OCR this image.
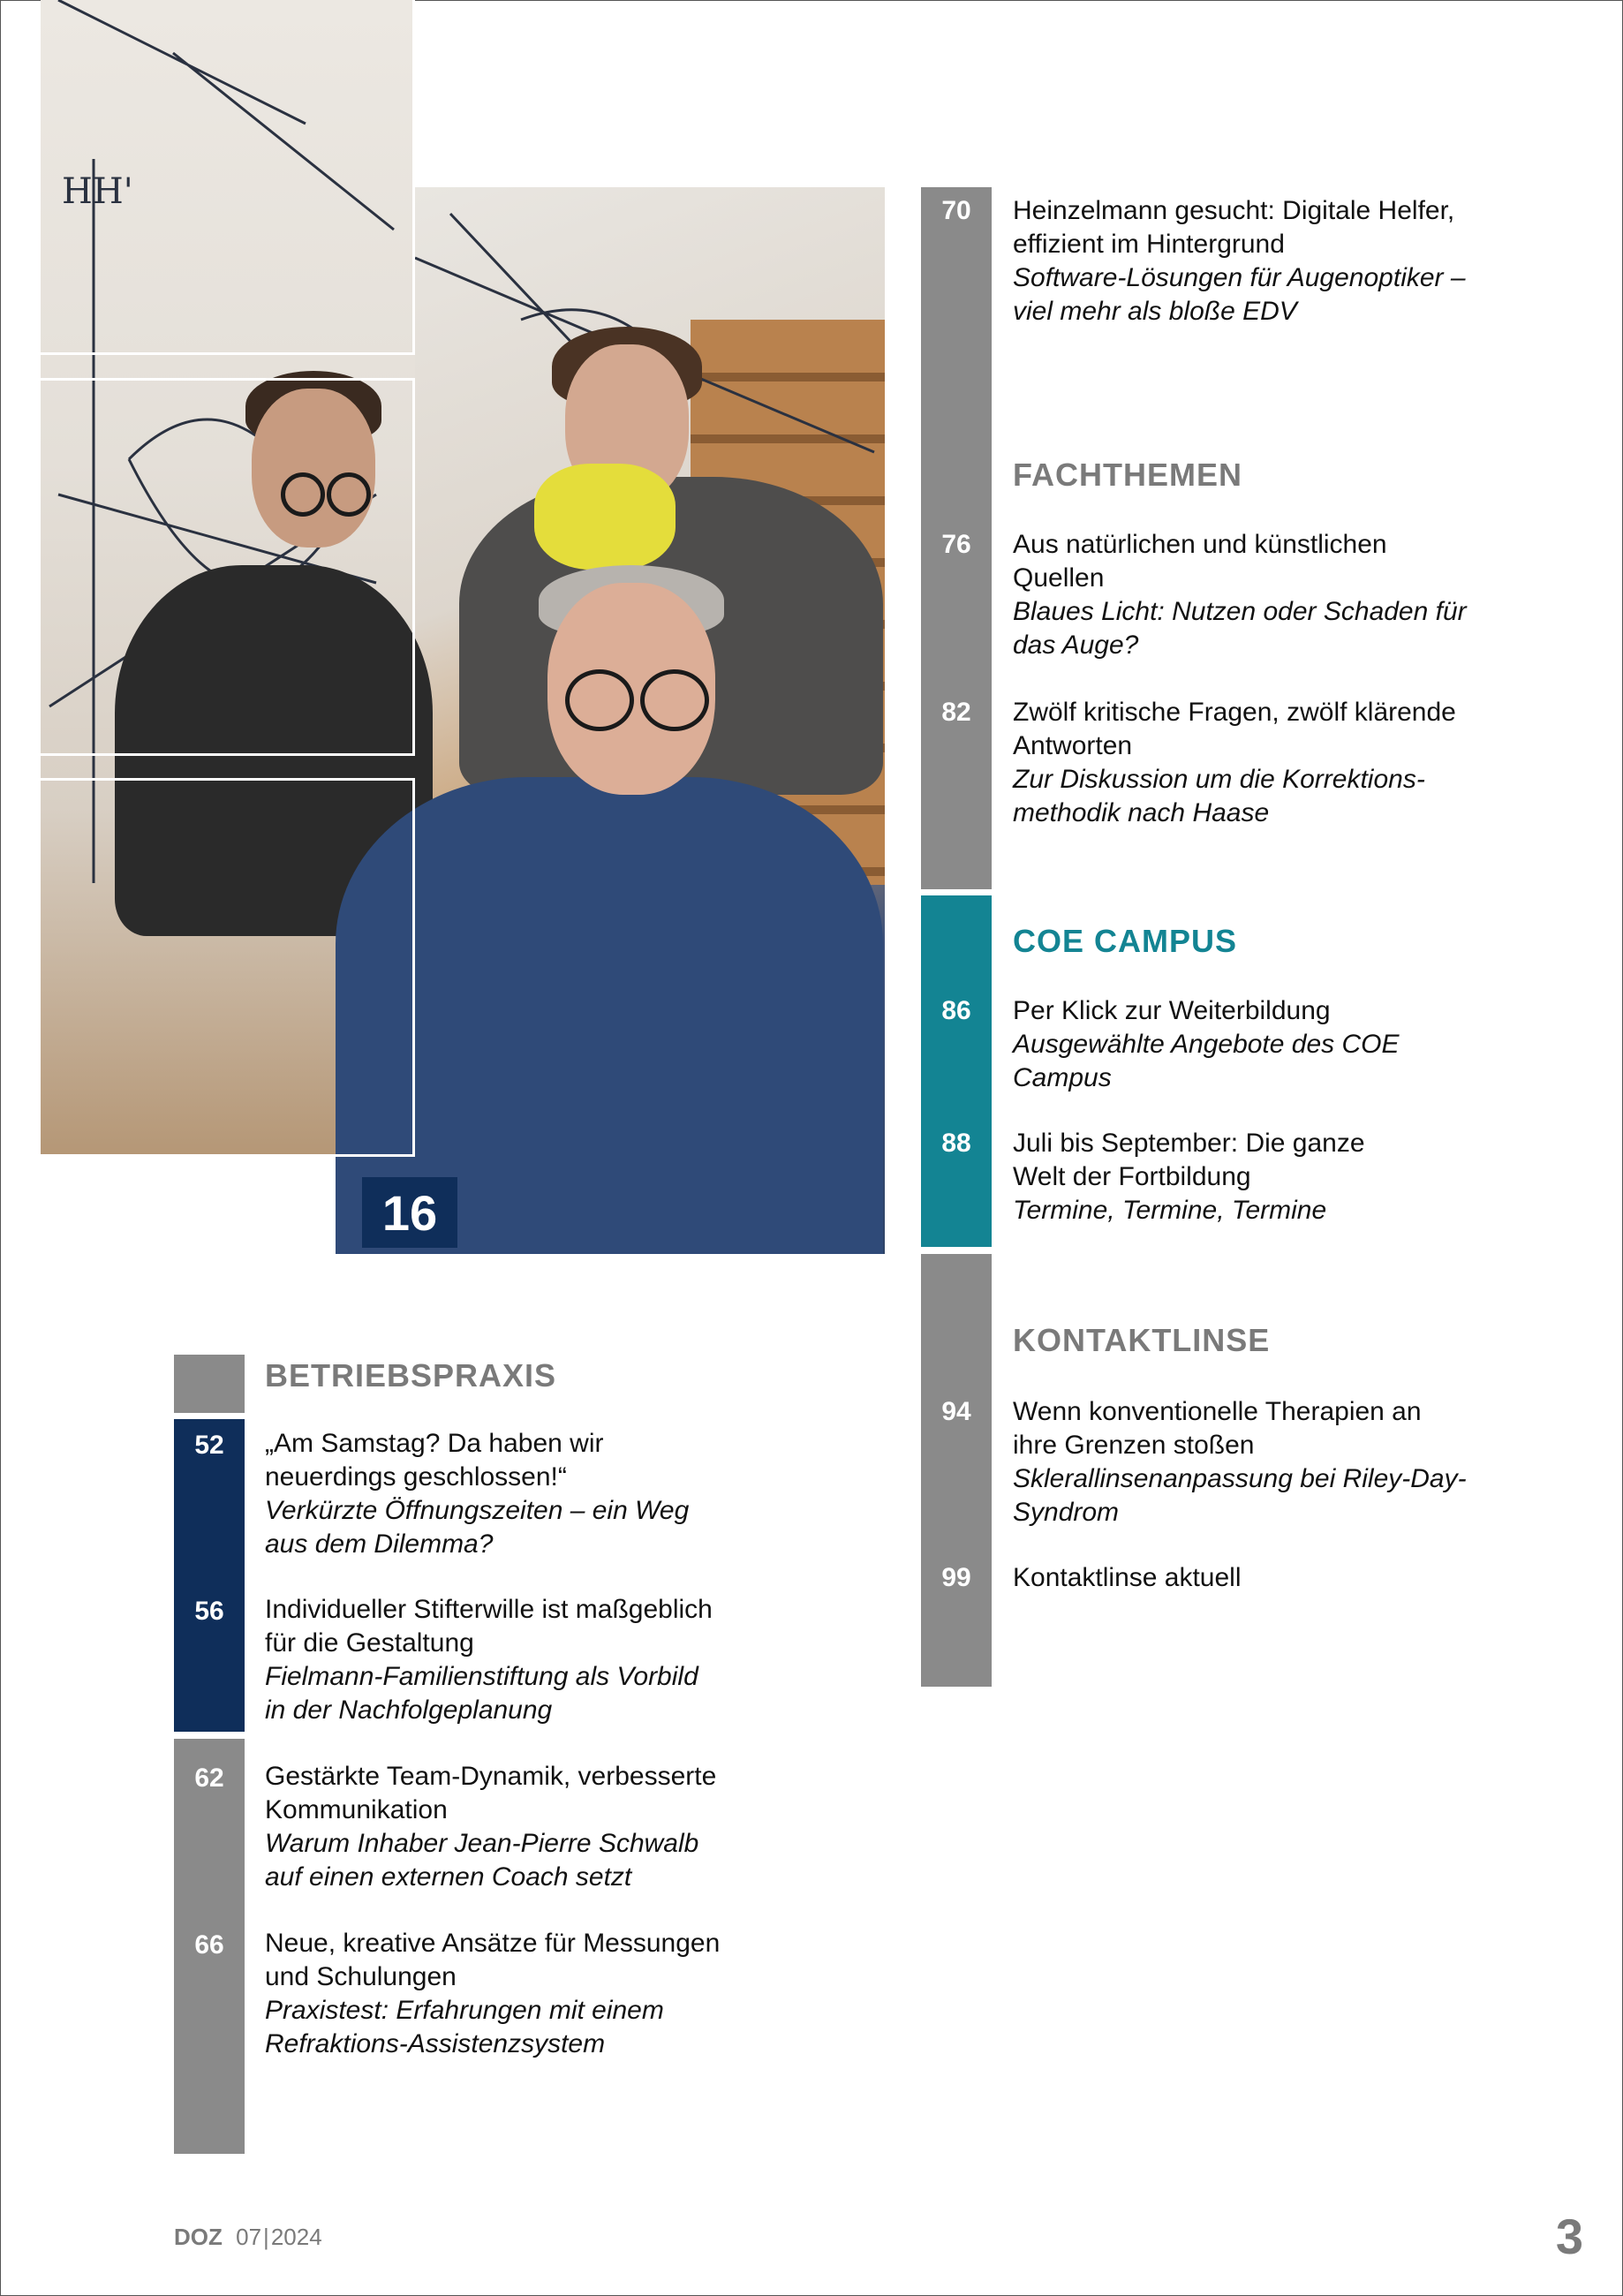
HH'
16
BETRIEBSPRAXIS
52	„Am Samstag? Da haben wir neuerdings geschlossen!“
Verkürzte Öffnungszeiten – ein Weg aus dem Dilemma?
56	Individueller Stifterwille ist maßgeblich für die Gestaltung
Fielmann-Familienstiftung als Vorbild in der Nachfolgeplanung
62	Gestärkte Team-Dynamik, verbesserte Kommunikation
Warum Inhaber Jean-Pierre Schwalb auf einen externen Coach setzt
66	Neue, kreative Ansätze für Messungen und Schulungen
Praxistest: Erfahrungen mit einem Refraktions-Assistenzsystem
70	Heinzelmann gesucht: Digitale Helfer, effizient im Hintergrund
Software-Lösungen für Augenoptiker – viel mehr als bloße EDV
FACHTHEMEN
76	Aus natürlichen und künstlichen Quellen
Blaues Licht: Nutzen oder Schaden für das Auge?
82	Zwölf kritische Fragen, zwölf klärende Antworten
Zur Diskussion um die Korrektions- methodik nach Haase
COE CAMPUS
86	Per Klick zur Weiterbildung
Ausgewählte Angebote des COE Campus
88	Juli bis September: Die ganze Welt der Fortbildung
Termine, Termine, Termine
KONTAKTLINSE
94	Wenn konventionelle Therapien an ihre Grenzen stoßen
Sklerallinsenanpassung bei Riley-Day-Syndrom
99	Kontaktlinse aktuell
DOZ 07|2024	3
